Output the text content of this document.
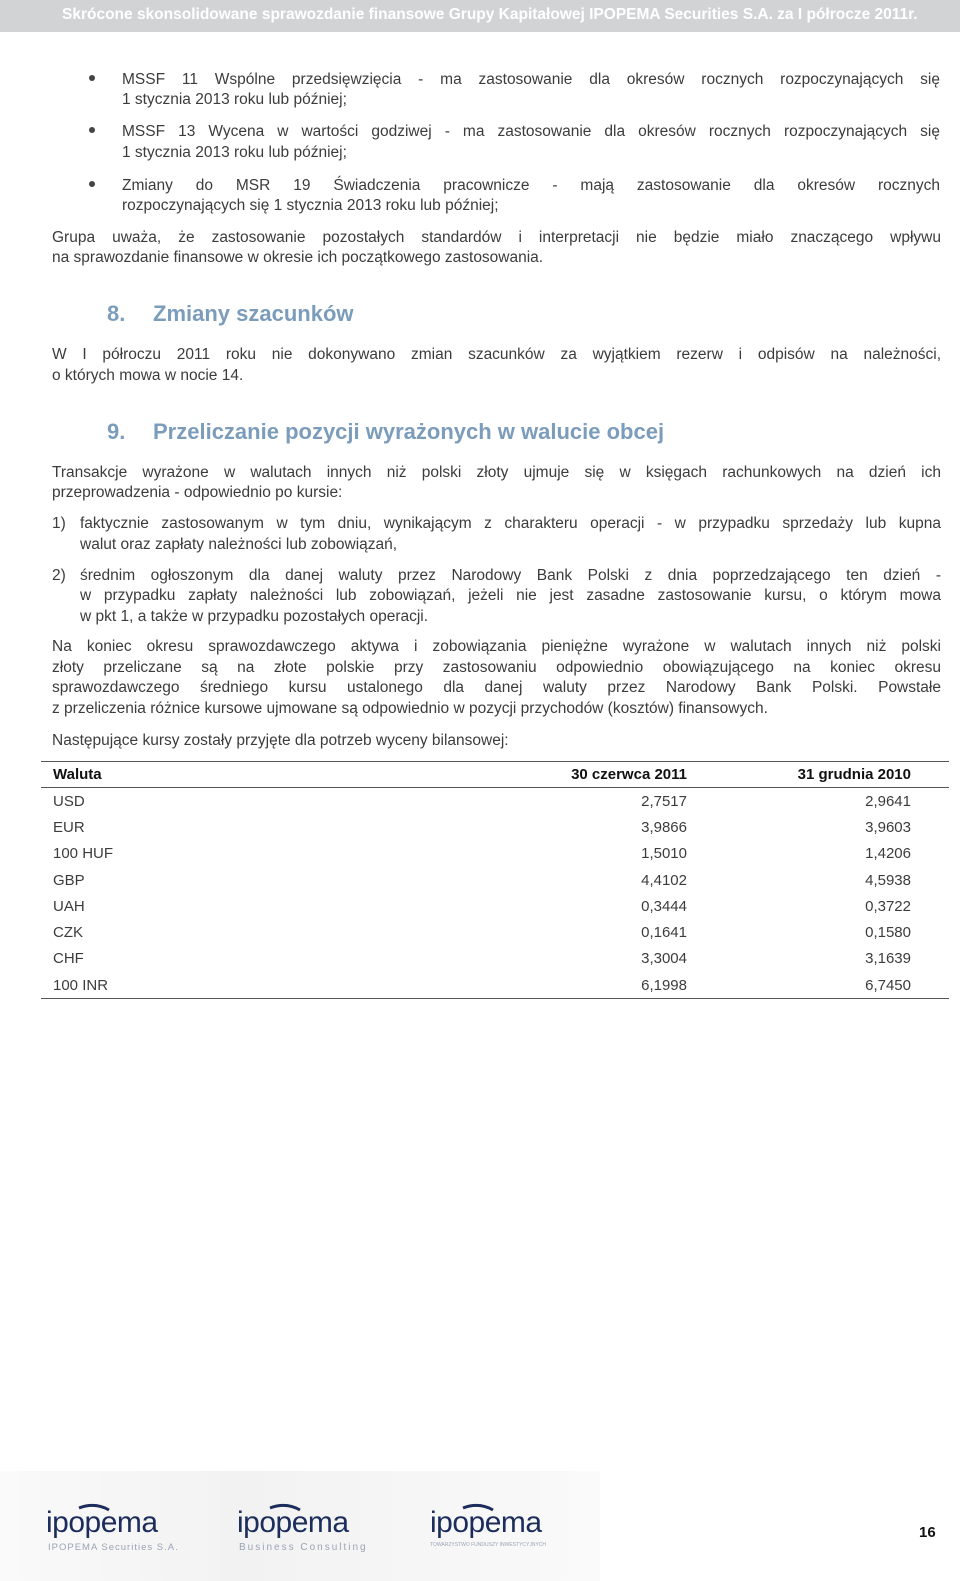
Skrócone skonsolidowane sprawozdanie finansowe Grupy Kapitałowej IPOPEMA Securities S.A. za I półrocze 2011r.
MSSF 11 Wspólne przedsięwzięcia - ma zastosowanie dla okresów rocznych rozpoczynających się
1 stycznia 2013 roku lub później;
MSSF 13 Wycena w wartości godziwej - ma zastosowanie dla okresów rocznych rozpoczynających się
1 stycznia 2013 roku lub później;
Zmiany do MSR 19 Świadczenia pracownicze - mają zastosowanie dla okresów rocznych
rozpoczynających się 1 stycznia 2013 roku lub później;
Grupa uważa, że zastosowanie pozostałych standardów i interpretacji nie będzie miało znaczącego wpływu
na sprawozdanie finansowe w okresie ich początkowego zastosowania.
8. Zmiany szacunków
W I półroczu 2011 roku nie dokonywano zmian szacunków za wyjątkiem rezerw i odpisów na należności,
o których mowa w nocie 14.
9. Przeliczanie pozycji wyrażonych w walucie obcej
Transakcje wyrażone w walutach innych niż polski złoty ujmuje się w księgach rachunkowych na dzień ich
przeprowadzenia - odpowiednio po kursie:
1) faktycznie zastosowanym w tym dniu, wynikającym z charakteru operacji - w przypadku sprzedaży lub kupna
walut oraz zapłaty należności lub zobowiązań,
2) średnim ogłoszonym dla danej waluty przez Narodowy Bank Polski z dnia poprzedzającego ten dzień -
w przypadku zapłaty należności lub zobowiązań, jeżeli nie jest zasadne zastosowanie kursu, o którym mowa
w pkt 1, a także w przypadku pozostałych operacji.
Na koniec okresu sprawozdawczego aktywa i zobowiązania pieniężne wyrażone w walutach innych niż polski
złoty przeliczane są na złote polskie przy zastosowaniu odpowiednio obowiązującego na koniec okresu
sprawozdawczego średniego kursu ustalonego dla danej waluty przez Narodowy Bank Polski. Powstałe
z przeliczenia różnice kursowe ujmowane są odpowiednio w pozycji przychodów (kosztów) finansowych.
Następujące kursy zostały przyjęte dla potrzeb wyceny bilansowej:
Waluta	30 czerwca 2011	31 grudnia 2010
USD	2,7517	2,9641
EUR	3,9866	3,9603
100 HUF	1,5010	1,4206
GBP	4,4102	4,5938
UAH	0,3444	0,3722
CZK	0,1641	0,1580
CHF	3,3004	3,1639
100 INR	6,1998	6,7450
ipopema
IPOPEMA Securities S.A.
ipopema
Business Consulting
ipopema
TOWARZYSTWO FUNDUSZY INWESTYCYJNYCH
16
